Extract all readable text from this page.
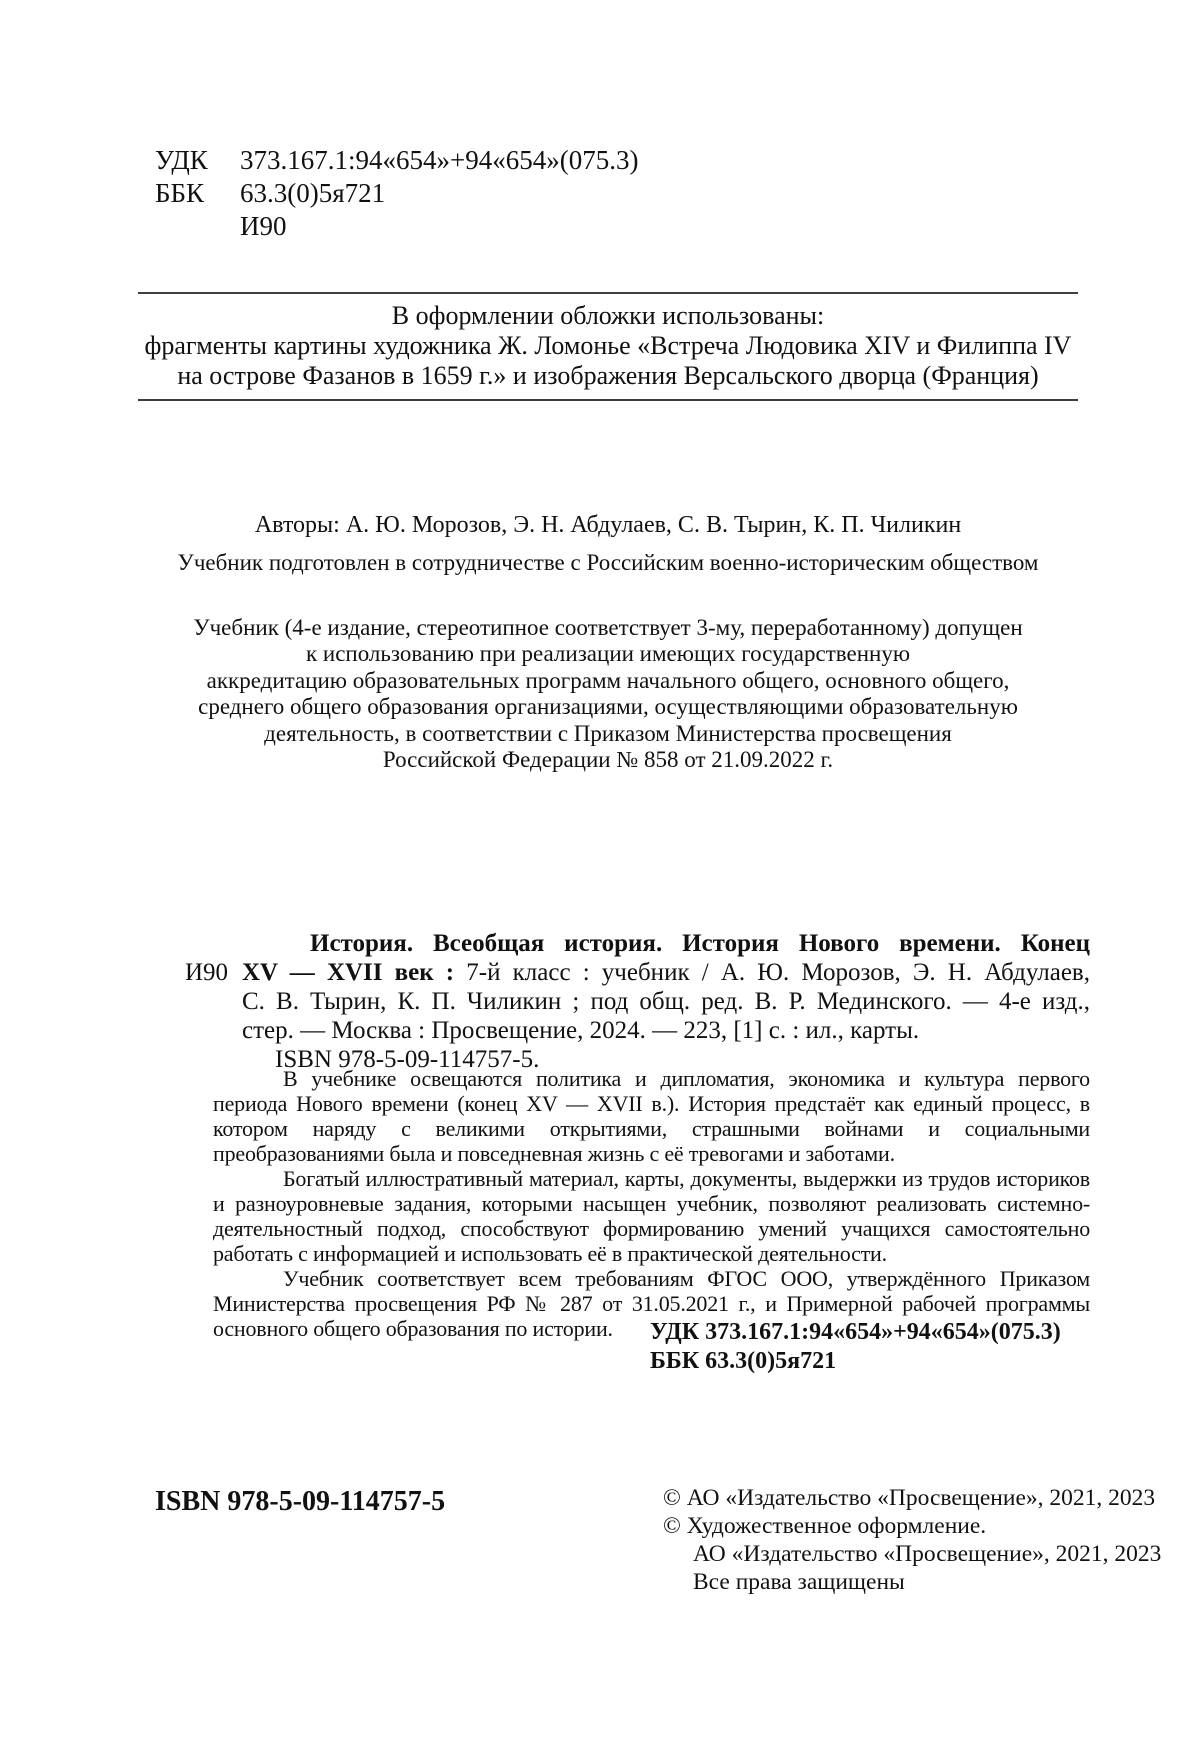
УДК 373.167.1:94«654»+94«654»(075.3)
ББК 63.3(0)5я721
И90
В оформлении обложки использованы:
фрагменты картины художника Ж. Ломонье «Встреча Людовика XIV и Филиппа IV
на острове Фазанов в 1659 г.» и изображения Версальского дворца (Франция)
Авторы: А. Ю. Морозов, Э. Н. Абдулаев, С. В. Тырин, К. П. Чиликин
Учебник подготовлен в сотрудничестве с Российским военно-историческим обществом
Учебник (4-е издание, стереотипное соответствует 3-му, переработанному) допущен
к использованию при реализации имеющих государственную
аккредитацию образовательных программ начального общего, основного общего,
среднего общего образования организациями, осуществляющими образовательную
деятельность, в соответствии с Приказом Министерства просвещения
Российской Федерации № 858 от 21.09.2022 г.
И90
История. Всеобщая история. История Нового времени. Конец
XV — XVII век : 7-й класс : учебник / А. Ю. Морозов, Э. Н. Абдулаев,
С. В. Тырин, К. П. Чиликин ; под общ. ред. В. Р. Мединского. — 4-е изд.,
стер. — Москва : Просвещение, 2024. — 223, [1] с. : ил., карты.
ISBN 978-5-09-114757-5.

В учебнике освещаются политика и дипломатия, экономика и культура первого периода Нового времени (конец XV — XVII в.). История предстаёт как единый процесс, в котором наряду с великими открытиями, страшными войнами и социальными преобразованиями была и повседневная жизнь с её тревогами и заботами.

Богатый иллюстративный материал, карты, документы, выдержки из трудов историков и разноуровневые задания, которыми насыщен учебник, позволяют реализовать системно-деятельностный подход, способствуют формированию умений учащихся самостоятельно работать с информацией и использовать её в практической деятельности.

Учебник соответствует всем требованиям ФГОС ООО, утверждённого Приказом Министерства просвещения РФ № 287 от 31.05.2021 г., и Примерной рабочей программы основного общего образования по истории.	УДК 373.167.1:94«654»+94«654»(075.3)
ББК 63.3(0)5я721
ISBN 978-5-09-114757-5	© АО «Издательство «Просвещение», 2021, 2023
© Художественное оформление.
АО «Издательство «Просвещение», 2021, 2023
Все права защищены
